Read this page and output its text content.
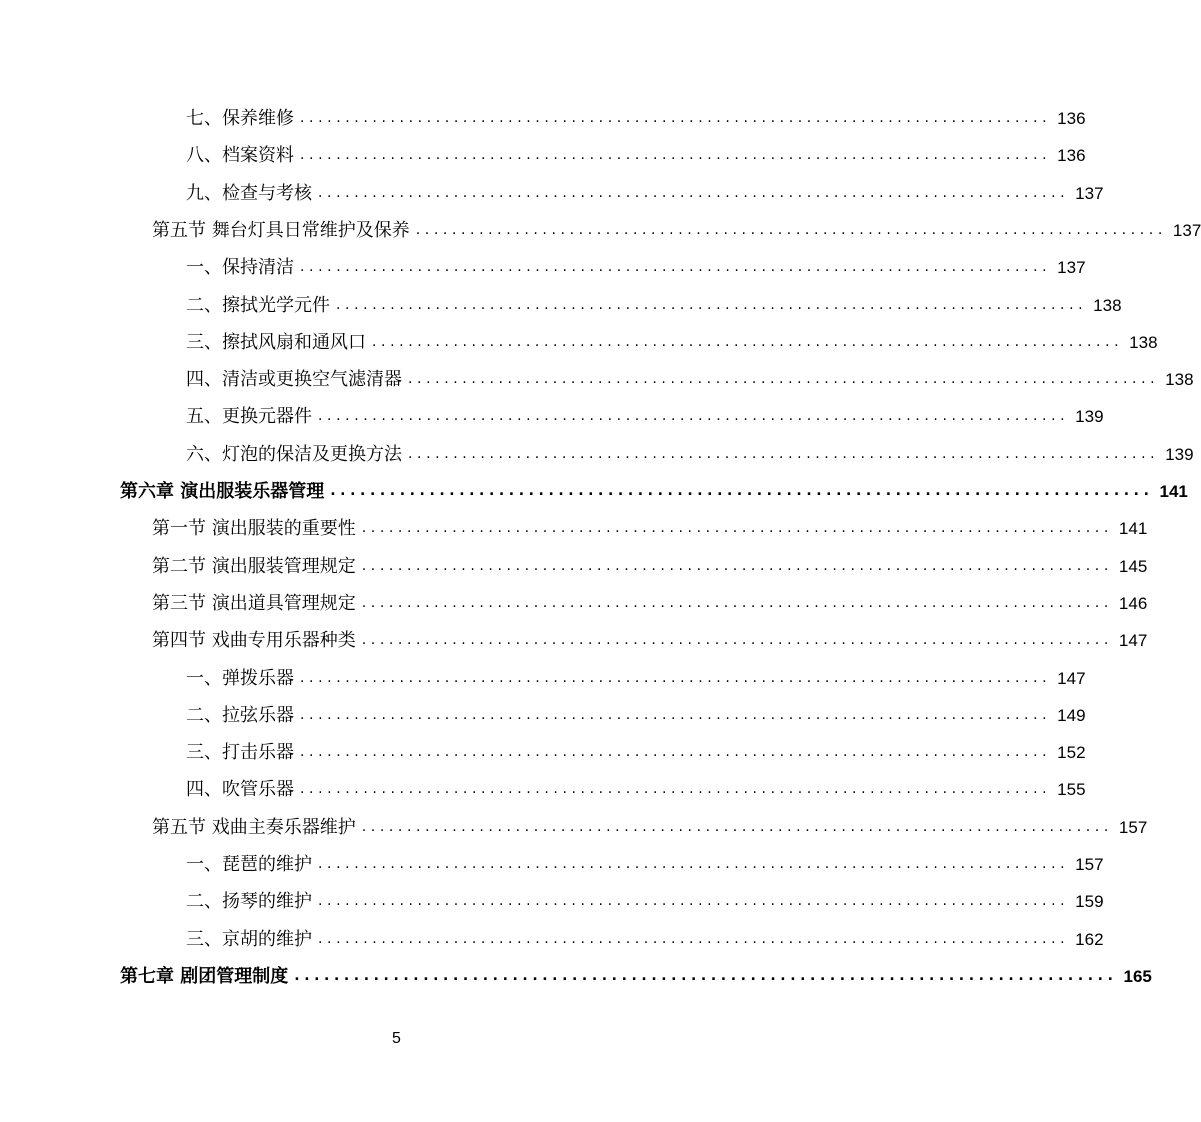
七、保养维修 ................................................................................... 136
八、档案资料 ................................................................................... 136
九、检查与考核 ................................................................................... 137
第五节 舞台灯具日常维护及保养 ................................................................................... 137
一、保持清洁 ................................................................................... 137
二、擦拭光学元件 ................................................................................... 138
三、擦拭风扇和通风口 ................................................................................... 138
四、清洁或更换空气滤清器 ................................................................................... 138
五、更换元器件 ................................................................................... 139
六、灯泡的保洁及更换方法 ................................................................................... 139
第六章 演出服装乐器管理 ................................................................................... 141
第一节 演出服装的重要性 ................................................................................... 141
第二节 演出服装管理规定 ................................................................................... 145
第三节 演出道具管理规定 ................................................................................... 146
第四节 戏曲专用乐器种类 ................................................................................... 147
一、弹拨乐器 ................................................................................... 147
二、拉弦乐器 ................................................................................... 149
三、打击乐器 ................................................................................... 152
四、吹管乐器 ................................................................................... 155
第五节 戏曲主奏乐器维护 ................................................................................... 157
一、琵琶的维护 ................................................................................... 157
二、扬琴的维护 ................................................................................... 159
三、京胡的维护 ................................................................................... 162
第七章 剧团管理制度 ................................................................................... 165
5
